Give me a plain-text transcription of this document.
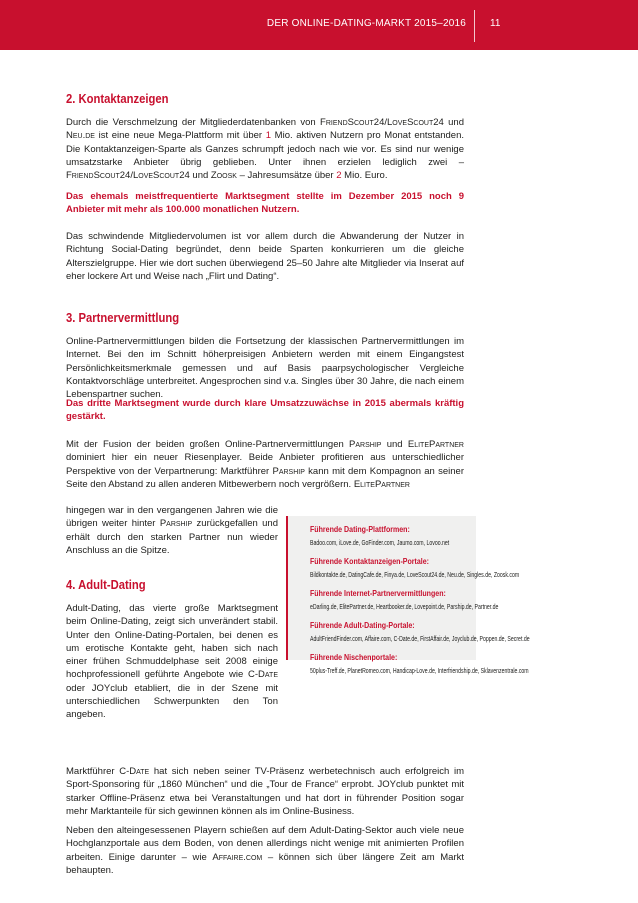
DER ONLINE-DATING-MARKT 2015–2016 11
2. Kontaktanzeigen
Durch die Verschmelzung der Mitgliederdatenbanken von FriendScout24/LoveScout24 und Neu.de ist eine neue Mega-Plattform mit über 1 Mio. aktiven Nutzern pro Monat entstanden. Die Kontaktanzeigen-Sparte als Ganzes schrumpft jedoch nach wie vor. Es sind nur wenige umsatzstarke Anbieter übrig geblieben. Unter ihnen erzielen lediglich zwei – FriendScout24/LoveScout24 und Zoosk – Jahresumsätze über 2 Mio. Euro.
Das ehemals meistfrequentierte Marktsegment stellte im Dezember 2015 noch 9 Anbieter mit mehr als 100.000 monatlichen Nutzern.
Das schwindende Mitgliedervolumen ist vor allem durch die Abwanderung der Nutzer in Richtung Social-Dating begründet, denn beide Sparten konkurrieren um die gleiche Alterszielgruppe. Hier wie dort suchen überwiegend 25–50 Jahre alte Mitglieder via Inserat auf eher lockere Art und Weise nach „Flirt und Dating“.
3. Partnervermittlung
Online-Partnervermittlungen bilden die Fortsetzung der klassischen Partnervermittlungen im Internet. Bei den im Schnitt höherpreisigen Anbietern werden mit einem Eingangstest Persönlichkeitsmerkmale gemessen und auf Basis paarpsychologischer Vergleiche Kontaktvorschläge unterbreitet. Angesprochen sind v.a. Singles über 30 Jahre, die nach einem Lebenspartner suchen.
Das dritte Marktsegment wurde durch klare Umsatzzuwächse in 2015 abermals kräftig gestärkt.
Mit der Fusion der beiden großen Online-Partnervermittlungen Parship und ElitePartner dominiert hier ein neuer Riesenplayer. Beide Anbieter profitieren aus unterschiedlicher Perspektive von der Verpartnerung: Marktführer Parship kann mit dem Kompagnon an seiner Seite den Abstand zu allen anderen Mitbewerbern noch vergrößern. ElitePartner
hingegen war in den vergangenen Jahren wie die übrigen weiter hinter Parship zurückgefallen und erhält durch den starken Partner nun wieder Anschluss an die Spitze.
4. Adult-Dating
Adult-Dating, das vierte große Marktsegment beim Online-Dating, zeigt sich unverändert stabil. Unter den Online-Dating-Portalen, bei denen es um erotische Kontakte geht, haben sich nach einer frühen Schmuddelphase seit 2008 einige hochprofessionell geführte Angebote wie C-Date oder JOYclub etabliert, die in der Szene mit unterschiedlichen Schwerpunkten den Ton angeben.
Marktführer C-Date hat sich neben seiner TV-Präsenz werbetechnisch auch erfolgreich im Sport-Sponsoring für „1860 München“ und die „Tour de France“ erprobt. JOYclub punktet mit starker Offline-Präsenz etwa bei Veranstaltungen und hat dort in führender Position sogar mehr Marktanteile für sich gewinnen können als im Online-Business.
Neben den alteingesessenen Playern schießen auf dem Adult-Dating-Sektor auch viele neue Hochglanzportale aus dem Boden, von denen allerdings nicht wenige mit animierten Profilen arbeiten. Einige darunter – wie Affaire.com – können sich über längere Zeit am Markt behaupten.
Führende Dating-Plattformen:
Badoo.com, iLove.de, GoFinder.com, Jaumo.com, Lovoo.net
Führende Kontaktanzeigen-Portale:
Bildkontakte.de, DatingCafe.de, Finya.de, LoveScout24.de, Neu.de, Singles.de, Zoosk.com
Führende Internet-Partnervermittlungen:
eDarling.de, ElitePartner.de, Heartbooker.de, Lovepoint.de, Parship.de, Partner.de
Führende Adult-Dating-Portale:
AdultFriendFinder.com, Affaire.com, C-Date.de, FirstAffair.de, Joyclub.de, Poppen.de, Secret.de
Führende Nischenportale:
50plus-Treff.de, PlanetRomeo.com, Handicap-Love.de, Interfriendship.de, Sklavenzentrale.com
